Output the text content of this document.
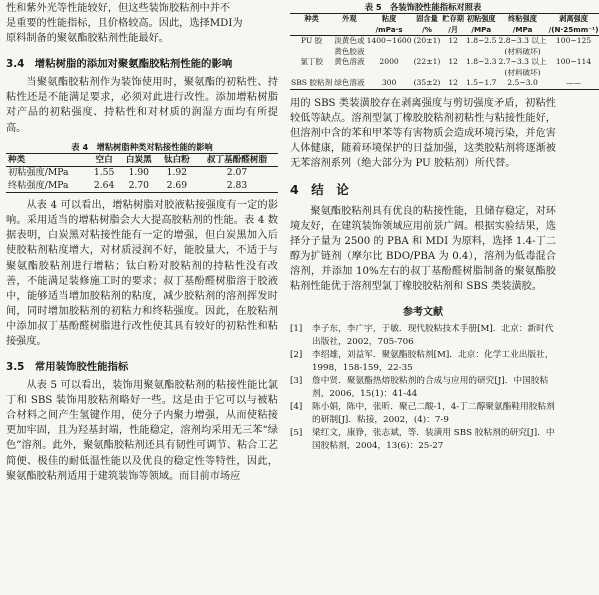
性和紫外光等性能较好，但这些装饰胶粘剂中并不

是重要的性能指标，且价格较高。因此，选择MDI为

原料制备的聚氨酯胶粘剂性能最好。

3.4　增粘树脂的添加对聚氨酯胶粘剂性能的影响

当聚氨酯胶粘剂作为装饰使用时，聚氨酯的初粘性、持粘性还是不能满足要求，必须对此进行改性。添加增粘树脂对产品的初粘强度、持粘性和对材质的润湿方面均有所提高。

表 4　增粘树脂种类对粘接性能的影响

种类	空白	白炭黑	钛白粉	叔丁基酚醛树脂
初粘强度/MPa	1.55	1.90	1.92	2.07
终粘强度/MPa	2.64	2.70	2.69	2.83

从表 4 可以看出，增粘树脂对胶液粘接强度有一定的影响。采用适当的增粘树脂会大大提高胶粘剂的性能。表 4 数据表明，白炭黑对粘接性能有一定的增强，但白炭黑加入后使胶粘剂粘度增大，对材质浸润不好，能胶量大，不适于与聚氨酯胶粘剂进行增粘；钛白粉对胶粘剂的持粘性没有改善，不能满足装修施工时的要求；叔丁基酚醛树脂溶于胶液中，能够适当增加胶粘剂的粘度，减少胶粘剂的溶剂挥发时间，同时增加胶粘剂的初粘力和终粘强度。因此，在胶粘剂中添加叔丁基酚醛树脂进行改性使其具有较好的初粘性和粘接强度。

3.5　常用装饰胶性能指标

从表 5 可以看出，装饰用聚氨酯胶粘剂的粘接性能比氯丁和 SBS 装饰用胶粘剂略好一些。这是由于它可以与被粘合材料之间产生氢键作用，使分子内聚力增强，从而使粘接更加牢固，且为羟基封端，性能稳定，溶剂均采用无三苯“绿色”溶剂。此外，聚氨酯胶粘剂还具有韧性可调节、粘合工艺简便、极佳的耐低温性能以及优良的稳定性等特性，因此，聚氨酯胶粘剂适用于建筑装饰等领域。而目前市场应

表 5　各装饰胶性能指标对照表

种类	外观	粘度	固含量	贮存期	初粘强度	终粘强度	剥离强度
		/mPa·s	/%	/月	/MPa	/MPa	/(N·25mm⁻¹)
PU 胶	淡黄色或	1400~1600	(20±1)	12	1.8~2.5	2.8~3.3 以上	100~125
	黄色胶液					(材料破坏)	
氯丁胶	黄色溶液	2000	(22±1)	12	1.8~2.3	2.7~3.3 以上	100~114
						(材料破坏)	
SBS 胶粘剂	绿色溶液	300	(35±2)	12	1.5~1.7	2.5~3.0	——

用的 SBS 类装潢胶存在剥离强度与剪切强度矛盾，初粘性较低等缺点。溶剂型氯丁橡胶胶粘剂初粘性与粘接性能好，但溶剂中含的苯和甲苯等有害物质会造成环境污染，并危害人体健康，随着环境保护的日益加强，这类胶粘剂将逐渐被无苯溶剂系列（绝大部分为 PU 胶粘剂）所代替。

4　结　论

聚氨酯胶粘剂具有优良的粘接性能，且储存稳定，对环境友好，在建筑装饰领域应用前景广阔。根据实验结果，选择分子量为 2500 的 PBA 和 MDI 为原料，选择 1.4-丁二醇为扩链剂（摩尔比 BDO/PBA 为 0.4），溶剂为低毒混合溶剂，并添加 10%左右的叔丁基酚醛树脂制备的聚氨酯胶粘剂性能优于溶剂型氯丁橡胶胶粘剂和 SBS 类装潢胶。

参考文献

[1]	李子东，李广宇，于敏．现代胶粘技术手册[M]．北京：新时代出版社，2002，705-706
[2]	李绍雄，刘益军．聚氨酯胶粘剂[M]．北京：化学工业出版社，1998，158-159，22-35
[3]	詹中贤．聚氨酯热熔胶粘剂的合成与应用的研究[J]．中国胶粘剂，2006，15(1)：41-44
[4]	陈小娟，陈中，张昕．聚己二酸-1，4-丁二醇聚氨酯鞋用胶粘剂的研制[J]．粘接，2002，(4)：7-9
[5]	梁红文，康铮，张志斌，等．装潢用 SBS 胶粘剂的研究[J]．中国胶粘剂，2004，13(6)：25-27
